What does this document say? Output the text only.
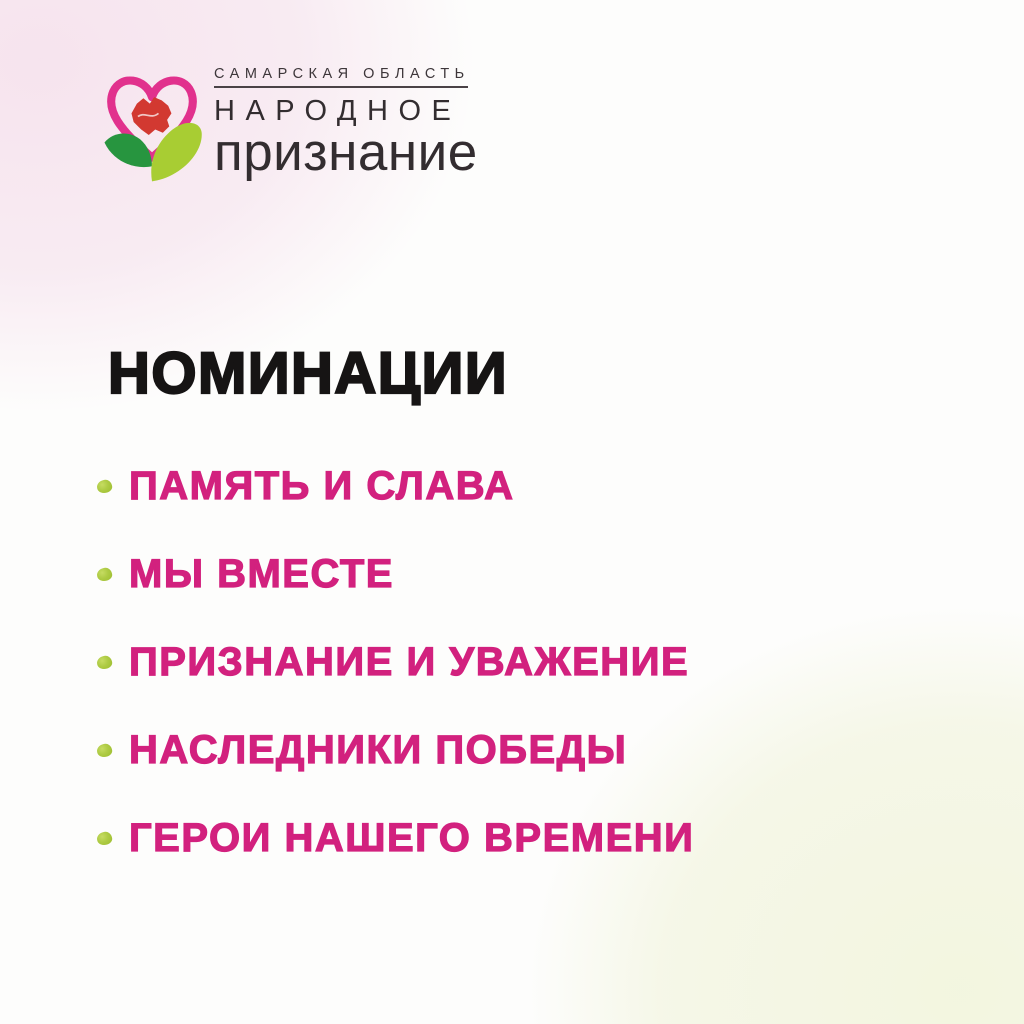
САМАРСКАЯ ОБЛАСТЬ
НАРОДНОЕ
признание
НОМИНАЦИИ
ПАМЯТЬ И СЛАВА
МЫ ВМЕСТЕ
ПРИЗНАНИЕ И УВАЖЕНИЕ
НАСЛЕДНИКИ ПОБЕДЫ
ГЕРОИ НАШЕГО ВРЕМЕНИ
